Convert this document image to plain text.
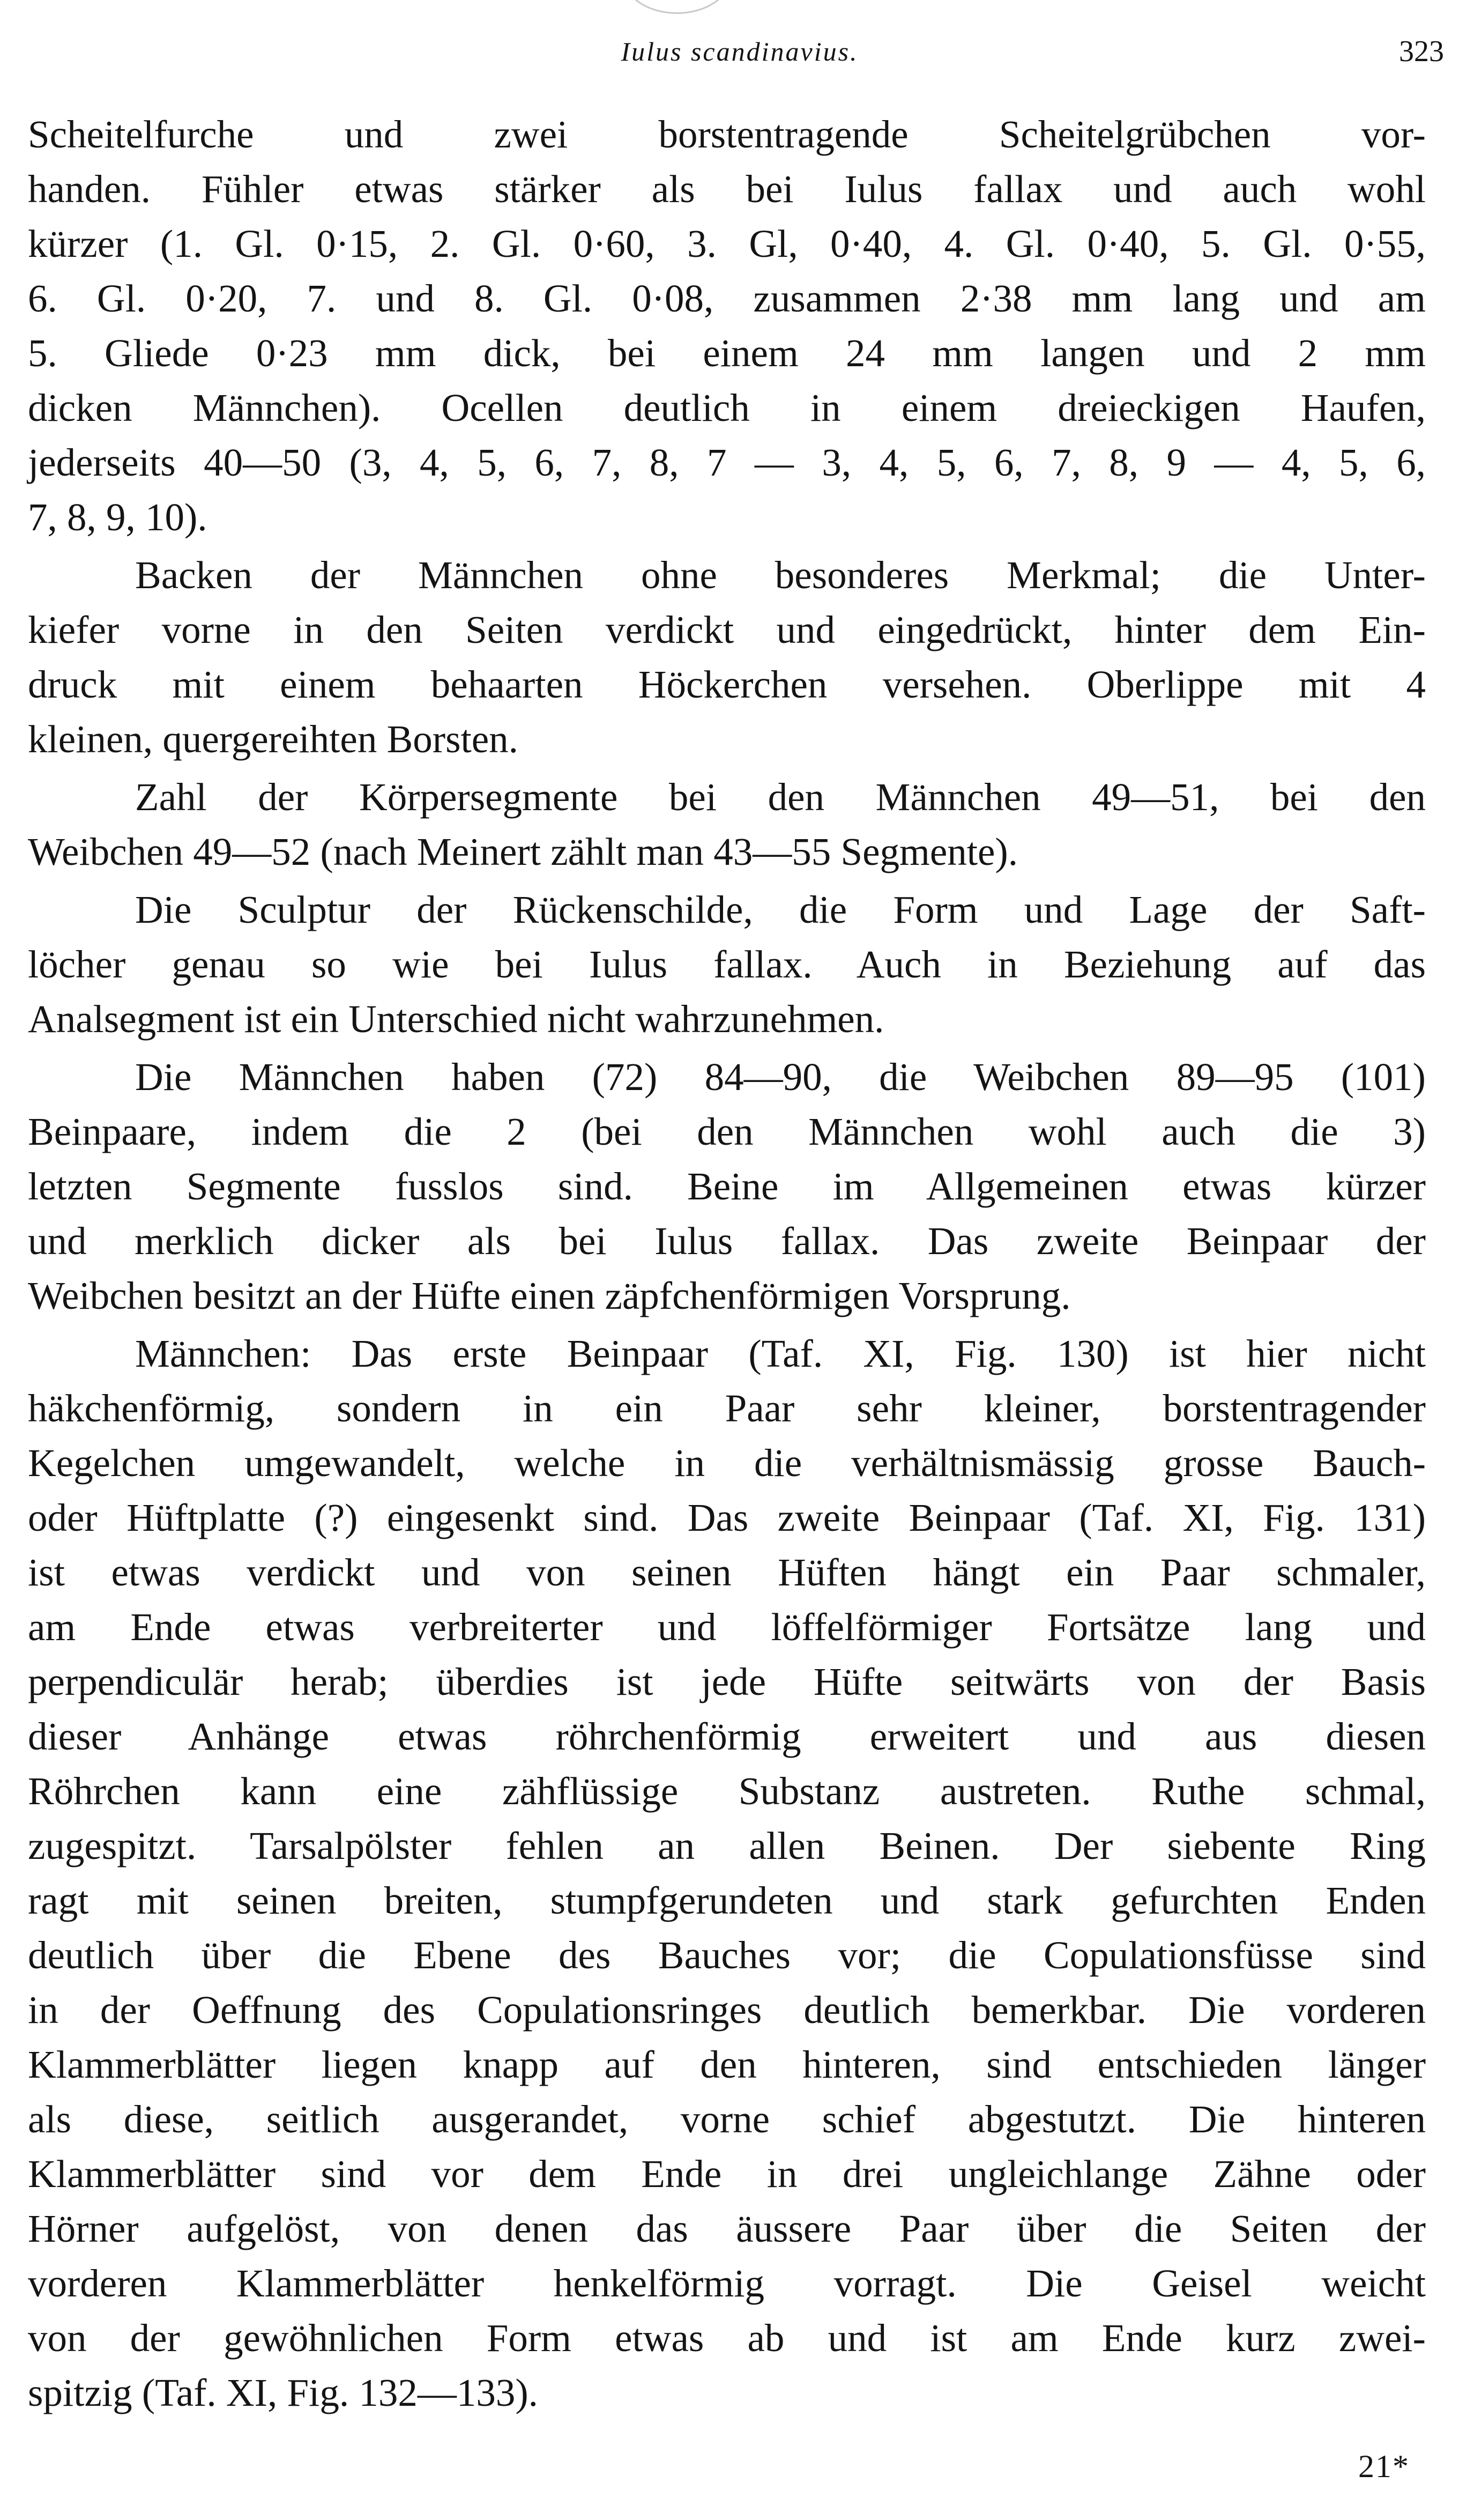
Iulus scandinavius.	323
Scheitelfurche und zwei borstentragende Scheitelgrübchen vor-
handen. Fühler etwas stärker als bei Iulus fallax und auch wohl
kürzer (1. Gl. 0·15, 2. Gl. 0·60, 3. Gl, 0·40, 4. Gl. 0·40, 5. Gl. 0·55,
6. Gl. 0·20, 7. und 8. Gl. 0·08, zusammen 2·38 mm lang und am
5. Gliede 0·23 mm dick, bei einem 24 mm langen und 2 mm
dicken Männchen). Ocellen deutlich in einem dreieckigen Haufen,
jederseits 40—50 (3, 4, 5, 6, 7, 8, 7 — 3, 4, 5, 6, 7, 8, 9 — 4, 5, 6,
7, 8, 9, 10).
Backen der Männchen ohne besonderes Merkmal; die Unter-
kiefer vorne in den Seiten verdickt und eingedrückt, hinter dem Ein-
druck mit einem behaarten Höckerchen versehen. Oberlippe mit 4
kleinen, quergereihten Borsten.
Zahl der Körpersegmente bei den Männchen 49—51, bei den
Weibchen 49—52 (nach Meinert zählt man 43—55 Segmente).
Die Sculptur der Rückenschilde, die Form und Lage der Saft-
löcher genau so wie bei Iulus fallax. Auch in Beziehung auf das
Analsegment ist ein Unterschied nicht wahrzunehmen.
Die Männchen haben (72) 84—90, die Weibchen 89—95 (101)
Beinpaare, indem die 2 (bei den Männchen wohl auch die 3)
letzten Segmente fusslos sind. Beine im Allgemeinen etwas kürzer
und merklich dicker als bei Iulus fallax. Das zweite Beinpaar der
Weibchen besitzt an der Hüfte einen zäpfchenförmigen Vorsprung.
Männchen: Das erste Beinpaar (Taf. XI, Fig. 130) ist hier nicht
häkchenförmig, sondern in ein Paar sehr kleiner, borstentragender
Kegelchen umgewandelt, welche in die verhältnismässig grosse Bauch-
oder Hüftplatte (?) eingesenkt sind. Das zweite Beinpaar (Taf. XI, Fig. 131)
ist etwas verdickt und von seinen Hüften hängt ein Paar schmaler,
am Ende etwas verbreiterter und löffelförmiger Fortsätze lang und
perpendiculär herab; überdies ist jede Hüfte seitwärts von der Basis
dieser Anhänge etwas röhrchenförmig erweitert und aus diesen
Röhrchen kann eine zähflüssige Substanz austreten. Ruthe schmal,
zugespitzt. Tarsalpölster fehlen an allen Beinen. Der siebente Ring
ragt mit seinen breiten, stumpfgerundeten und stark gefurchten Enden
deutlich über die Ebene des Bauches vor; die Copulationsfüsse sind
in der Oeffnung des Copulationsringes deutlich bemerkbar. Die vorderen
Klammerblätter liegen knapp auf den hinteren, sind entschieden länger
als diese, seitlich ausgerandet, vorne schief abgestutzt. Die hinteren
Klammerblätter sind vor dem Ende in drei ungleichlange Zähne oder
Hörner aufgelöst, von denen das äussere Paar über die Seiten der
vorderen Klammerblätter henkelförmig vorragt. Die Geisel weicht
von der gewöhnlichen Form etwas ab und ist am Ende kurz zwei-
spitzig (Taf. XI, Fig. 132—133).
21*
